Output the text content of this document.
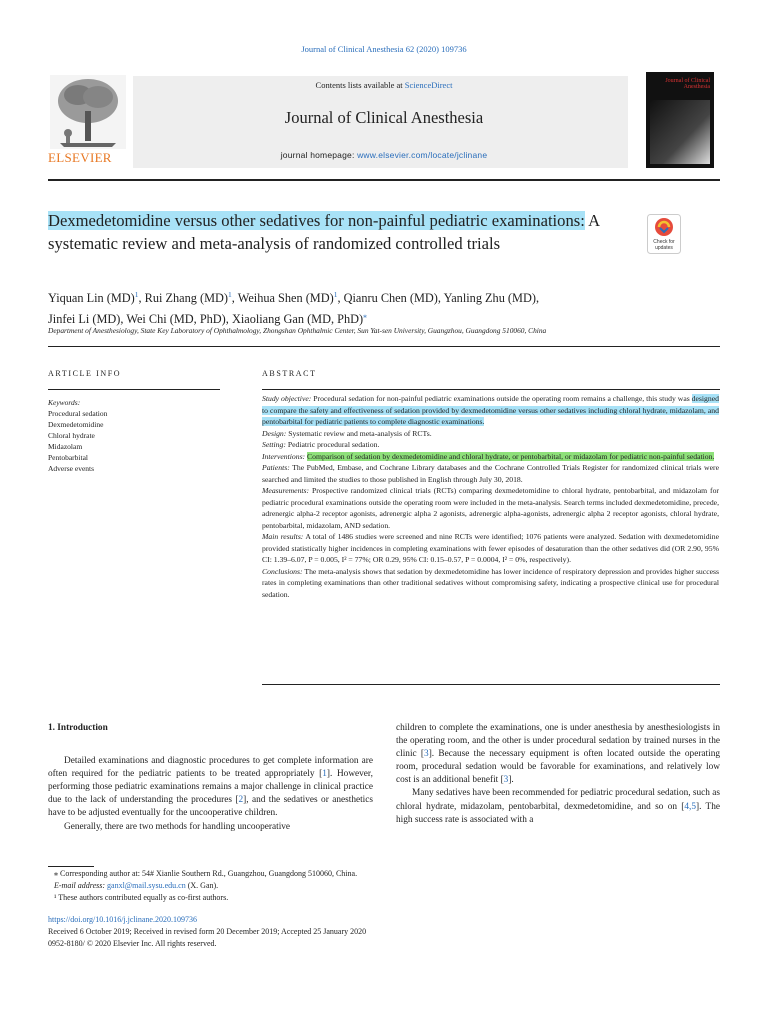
Journal of Clinical Anesthesia 62 (2020) 109736
Contents lists available at ScienceDirect
Journal of Clinical Anesthesia
journal homepage: www.elsevier.com/locate/jclinane
ELSEVIER
Journal of Clinical Anesthesia
Dexmedetomidine versus other sedatives for non-painful pediatric examinations: A systematic review and meta-analysis of randomized controlled trials	Check for
updates
Yiquan Lin (MD)$^1$, Rui Zhang (MD)$^1$, Weihua Shen (MD)$^1$, Qianru Chen (MD), Yanling Zhu (MD),
Jinfei Li (MD), Wei Chi (MD, PhD), Xiaoliang Gan (MD, PhD)⁎
Department of Anesthesiology, State Key Laboratory of Ophthalmology, Zhongshan Ophthalmic Center, Sun Yat-sen University, Guangzhou, Guangdong 510060, China
ARTICLE INFO	ABSTRACT
Keywords:
Procedural sedation
Dexmedetomidine
Chloral hydrate
Midazolam
Pentobarbital
Adverse events

Study objective: Procedural sedation for non-painful pediatric examinations outside the operating room remains a challenge, this study was designed to compare the safety and effectiveness of sedation provided by dexmedetomidine versus other sedatives including chloral hydrate, midazolam, and pentobarbital for pediatric patients to complete diagnostic examinations.

Design: Systematic review and meta-analysis of RCTs.

Setting: Pediatric procedural sedation.

Interventions: Comparison of sedation by dexmedetomidine and chloral hydrate, or pentobarbital, or midazolam for pediatric non-painful sedation.

Patients: The PubMed, Embase, and Cochrane Library databases and the Cochrane Controlled Trials Register for randomized clinical trials were searched and limited the studies to those published in English through July 30, 2018.

Measurements: Prospective randomized clinical trials (RCTs) comparing dexmedetomidine to chloral hydrate, pentobarbital, and midazolam for pediatric procedural examinations outside the operating room were included in the meta-analysis. Search terms included dexmedetomidine, precede, adrenergic alpha-2 receptor agonists, adrenergic alpha 2 agonists, adrenergic alpha-agonists, adrenergic alpha 2 receptor agonists, chloral hydrate, pentobarbital, midazolam, AND sedation.

Main results: A total of 1486 studies were screened and nine RCTs were identified; 1076 patients were analyzed. Sedation with dexmedetomidine provided statistically higher incidences in completing examinations with fewer episodes of desaturation than the other sedatives did (OR 2.90, 95% CI: 1.39–6.07, P = 0.005, I² = 77%; OR 0.29, 95% CI: 0.15–0.57, P = 0.0004, I² = 0%, respectively).

Conclusions: The meta-analysis shows that sedation by dexmedetomidine has lower incidence of respiratory depression and provides higher success rates in completing examinations than other traditional sedatives without compromising safety, indicating a prospective clinical use for procedural sedation.

1. Introduction

Detailed examinations and diagnostic procedures to get complete information are often required for the pediatric patients to be treated appropriately [1]. However, performing those pediatric examinations remains a major challenge in clinical practice due to the lack of understanding the procedures [2], and the sedatives or anesthetics have to be adjusted eventually for the uncooperative children.

Generally, there are two methods for handling uncooperative

children to complete the examinations, one is under anesthesia by anesthesiologists in the operating room, and the other is under procedural sedation by trained nurses in the clinic [3]. Because the necessary equipment is often located outside the operating room, procedural sedation would be favorable for examinations, and relatively low cost is an additional benefit [3].

Many sedatives have been recommended for pediatric procedural sedation, such as chloral hydrate, midazolam, pentobarbital, dexmedetomidine, and so on [4,5]. The high success rate is associated with a

⁎ Corresponding author at: 54# Xianlie Southern Rd., Guangzhou, Guangdong 510060, China.

E-mail address: ganxl@mail.sysu.edu.cn (X. Gan).

¹ These authors contributed equally as co-first authors.

https://doi.org/10.1016/j.jclinane.2020.109736

Received 6 October 2019; Received in revised form 20 December 2019; Accepted 25 January 2020

0952-8180/ © 2020 Elsevier Inc. All rights reserved.
